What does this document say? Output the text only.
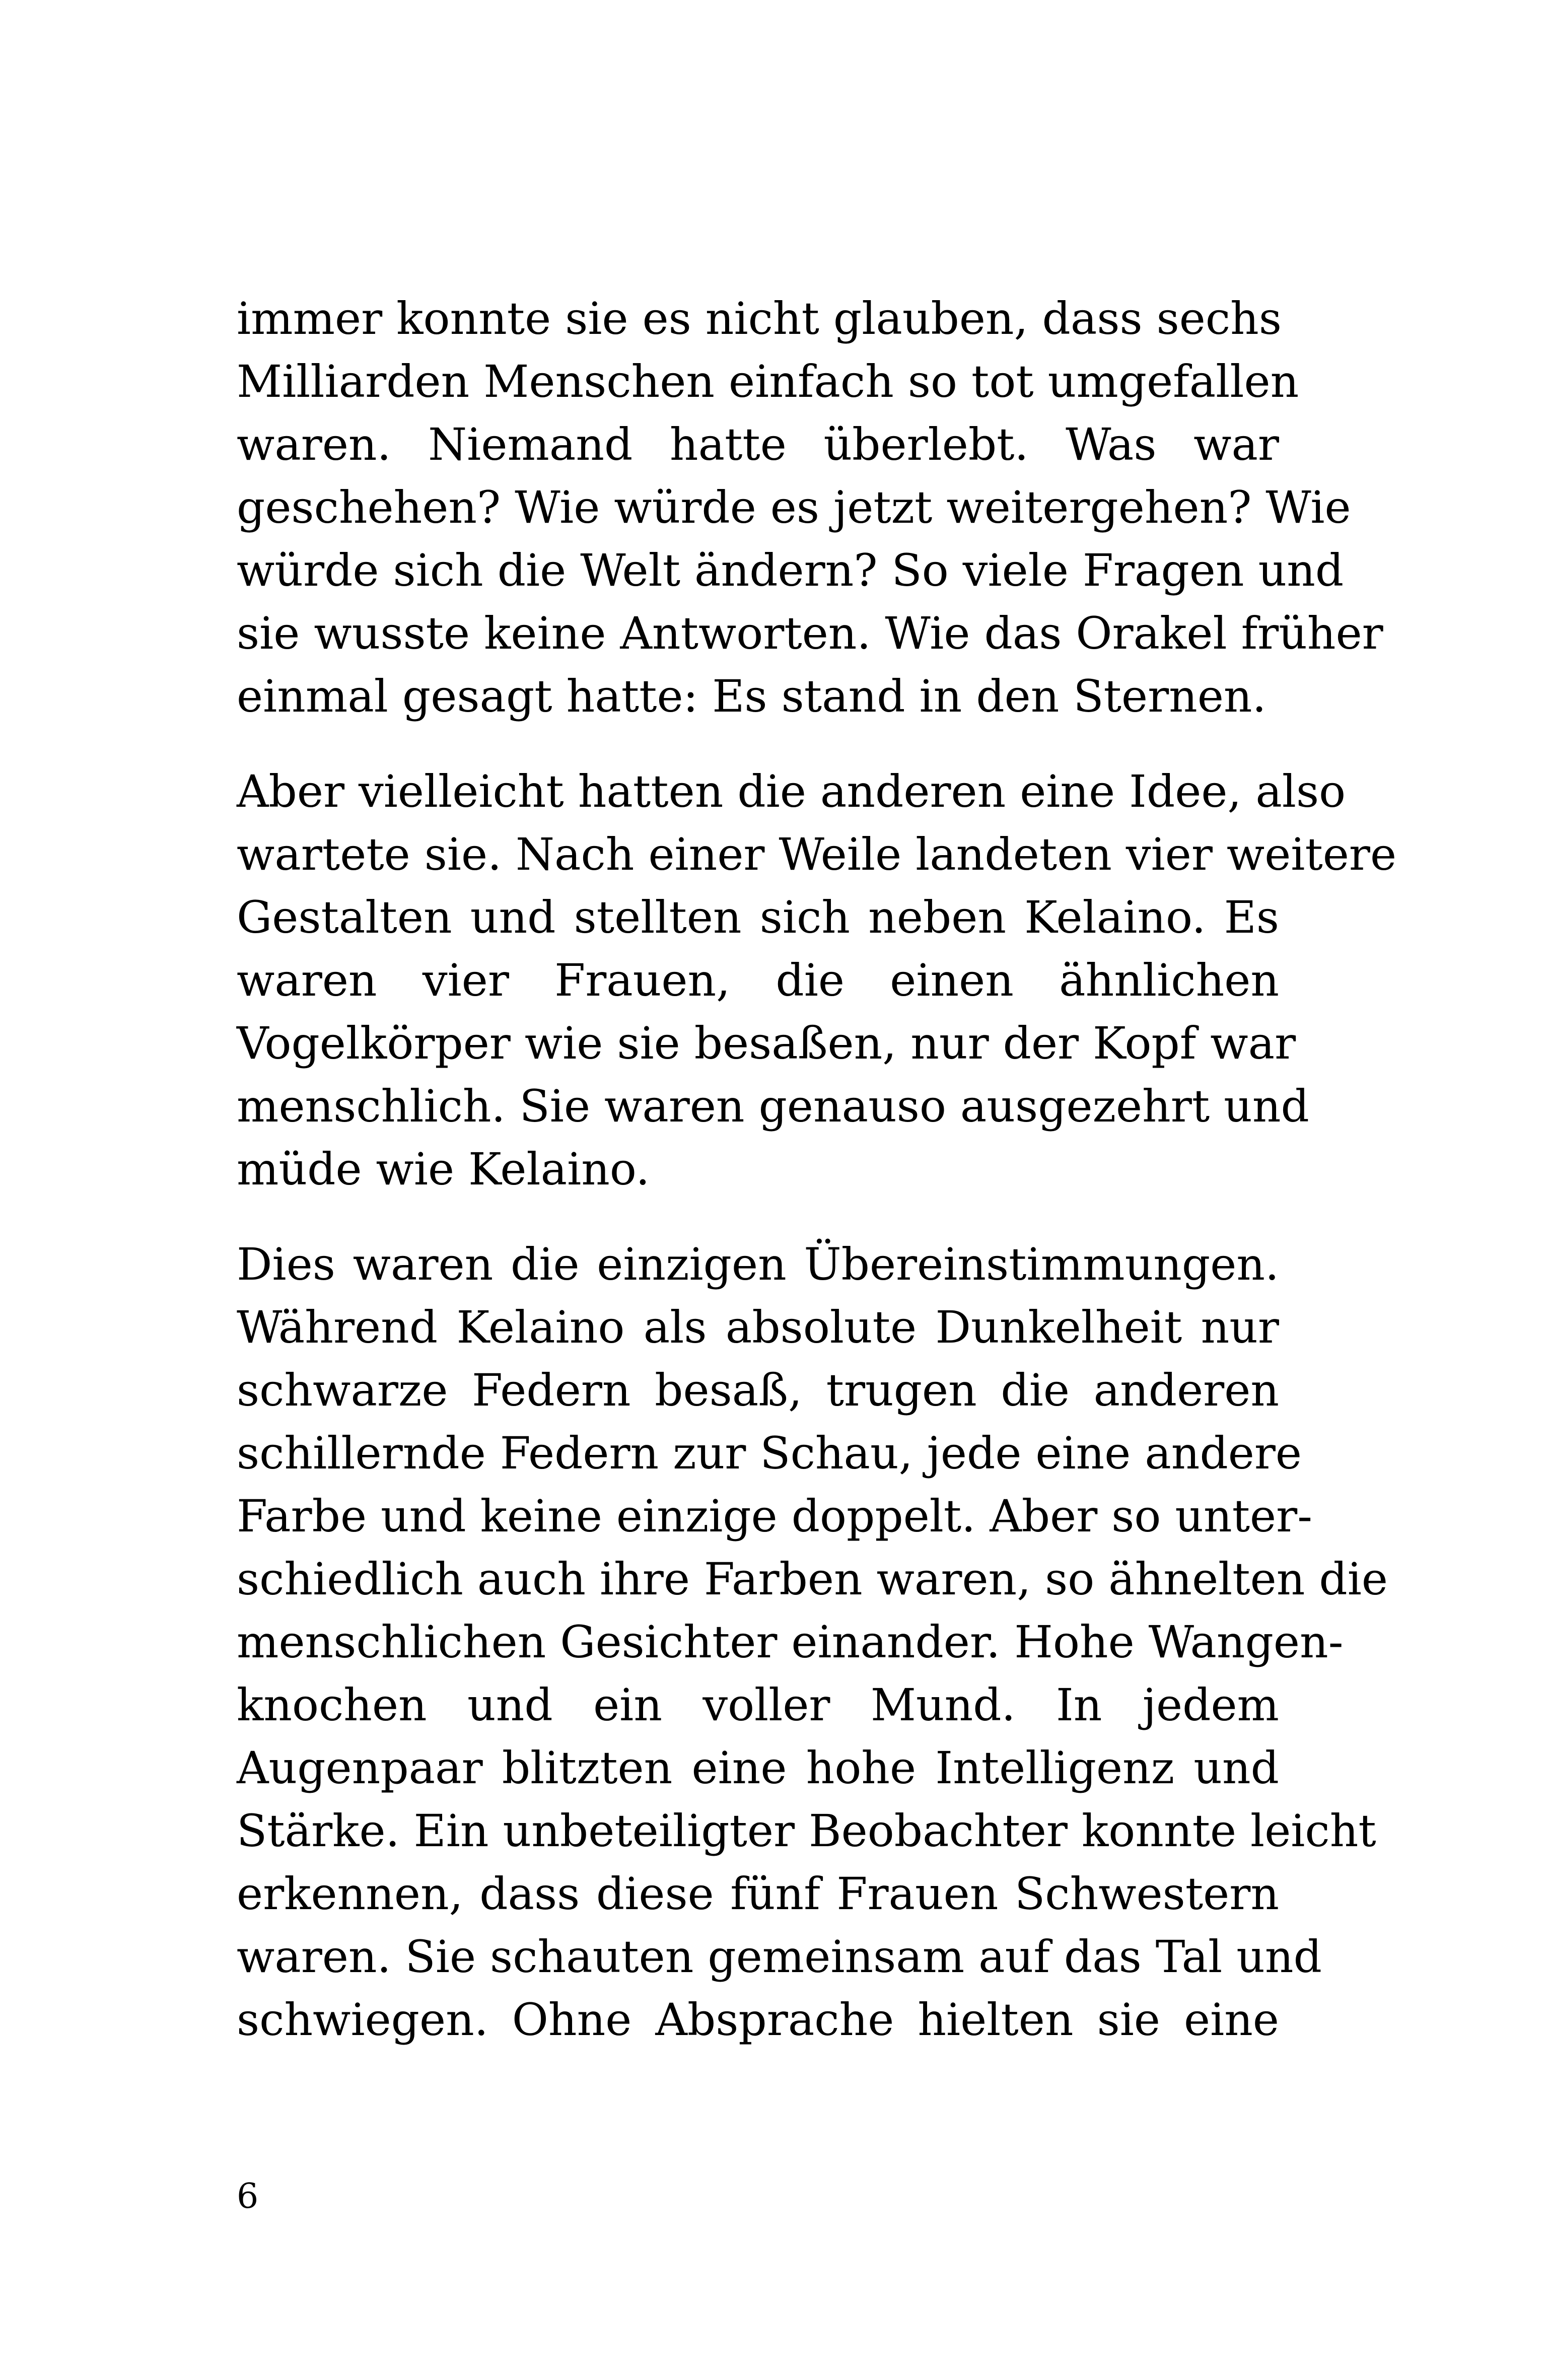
immer konnte sie es nicht glauben, dass sechs
Milliarden Menschen einfach so tot umgefallen
waren. Niemand hatte überlebt. Was war
geschehen? Wie würde es jetzt weitergehen? Wie
würde sich die Welt ändern? So viele Fragen und
sie wusste keine Antworten. Wie das Orakel früher
einmal gesagt hatte: Es stand in den Sternen.
Aber vielleicht hatten die anderen eine Idee, also
wartete sie. Nach einer Weile landeten vier weitere
Gestalten und stellten sich neben Kelaino. Es
waren vier Frauen, die einen ähnlichen
Vogelkörper wie sie besaßen, nur der Kopf war
menschlich. Sie waren genauso ausgezehrt und
müde wie Kelaino.
Dies waren die einzigen Übereinstimmungen.
Während Kelaino als absolute Dunkelheit nur
schwarze Federn besaß, trugen die anderen
schillernde Federn zur Schau, jede eine andere
Farbe und keine einzige doppelt. Aber so unter-
schiedlich auch ihre Farben waren, so ähnelten die
menschlichen Gesichter einander. Hohe Wangen-
knochen und ein voller Mund. In jedem
Augenpaar blitzten eine hohe Intelligenz und
Stärke. Ein unbeteiligter Beobachter konnte leicht
erkennen, dass diese fünf Frauen Schwestern
waren. Sie schauten gemeinsam auf das Tal und
schwiegen. Ohne Absprache hielten sie eine
6
